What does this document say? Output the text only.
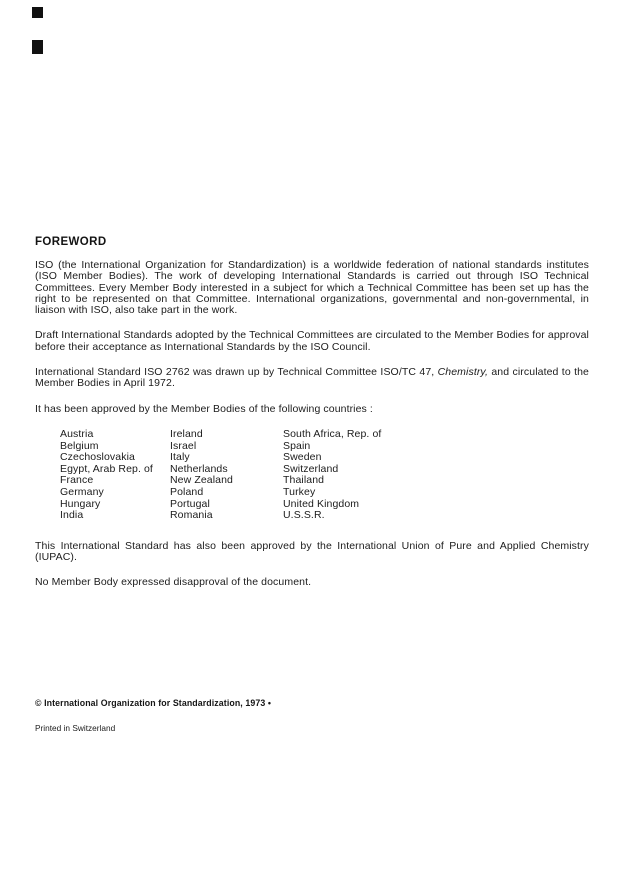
FOREWORD

ISO (the International Organization for Standardization) is a worldwide federation of national standards institutes (ISO Member Bodies). The work of developing International Standards is carried out through ISO Technical Committees. Every Member Body interested in a subject for which a Technical Committee has been set up has the right to be represented on that Committee. International organizations, governmental and non-governmental, in liaison with ISO, also take part in the work.

Draft International Standards adopted by the Technical Committees are circulated to the Member Bodies for approval before their acceptance as International Standards by the ISO Council.

International Standard ISO 2762 was drawn up by Technical Committee ISO/TC 47, Chemistry, and circulated to the Member Bodies in April 1972.

It has been approved by the Member Bodies of the following countries :

Austria
Belgium
Czechoslovakia
Egypt, Arab Rep. of
France
Germany
Hungary
India
Ireland
Israel
Italy
Netherlands
New Zealand
Poland
Portugal
Romania
South Africa, Rep. of
Spain
Sweden
Switzerland
Thailand
Turkey
United Kingdom
U.S.S.R.

This International Standard has also been approved by the International Union of Pure and Applied Chemistry (IUPAC).

No Member Body expressed disapproval of the document.

© International Organization for Standardization, 1973 •
Printed in Switzerland
